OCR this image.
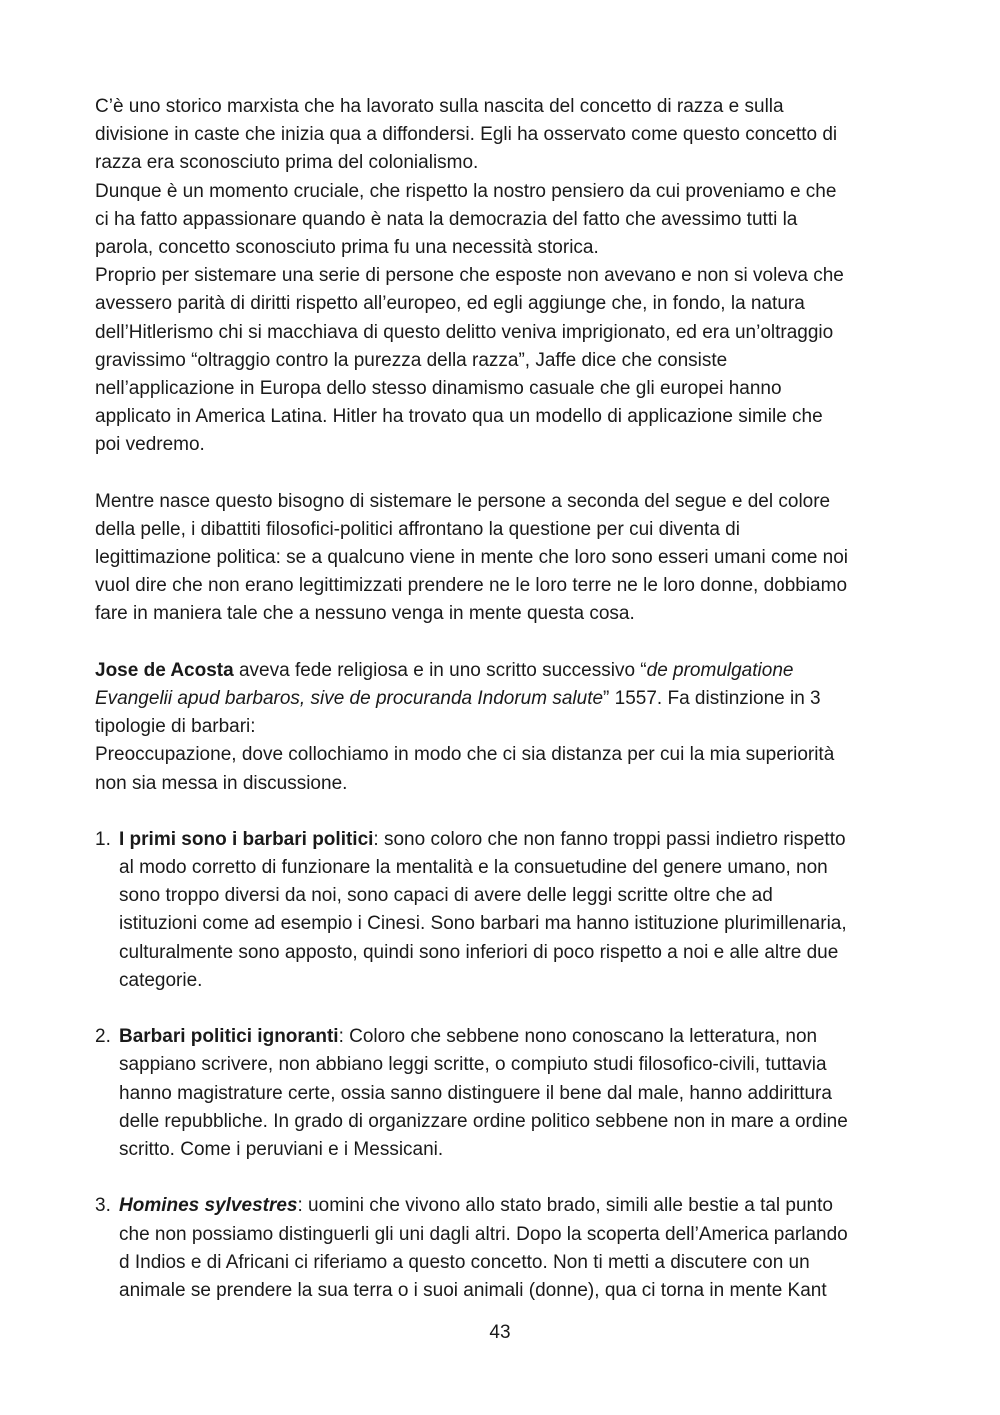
C’è uno storico marxista che ha lavorato sulla nascita del concetto di razza e sulla
divisione in caste che inizia qua a diffondersi. Egli ha osservato come questo concetto di
razza era sconosciuto prima del colonialismo.
Dunque è un momento cruciale, che rispetto la nostro pensiero da cui proveniamo e che
ci ha fatto appassionare quando è nata la democrazia del fatto che avessimo tutti la
parola, concetto sconosciuto prima fu una necessità storica.
Proprio per sistemare una serie di persone che esposte non avevano e non si voleva che
avessero parità di diritti rispetto all’europeo, ed egli aggiunge che, in fondo, la natura
dell’Hitlerismo chi si macchiava di questo delitto veniva imprigionato, ed era un’oltraggio
gravissimo “oltraggio contro la purezza della razza”, Jaffe dice che consiste
nell’applicazione in Europa dello stesso dinamismo casuale che gli europei hanno
applicato in America Latina. Hitler ha trovato qua un modello di applicazione simile che
poi vedremo.
Mentre nasce questo bisogno di sistemare le persone a seconda del segue e del colore
della pelle, i dibattiti filosofici-politici affrontano la questione per cui diventa di
legittimazione politica: se a qualcuno viene in mente che loro sono esseri umani come noi
vuol dire che non erano legittimizzati prendere ne le loro terre ne le loro donne, dobbiamo
fare in maniera tale che a nessuno venga in mente questa cosa.
Jose de Acosta aveva fede religiosa e in uno scritto successivo “de promulgatione
Evangelii apud barbaros, sive de procuranda Indorum salute” 1557. Fa distinzione in 3
tipologie di barbari:
Preoccupazione, dove collochiamo in modo che ci sia distanza per cui la mia superiorità
non sia messa in discussione.
1. I primi sono i barbari politici: sono coloro che non fanno troppi passi indietro rispetto
al modo corretto di funzionare la mentalità e la consuetudine del genere umano, non
sono troppo diversi da noi, sono capaci di avere delle leggi scritte oltre che ad
istituzioni come ad esempio i Cinesi. Sono barbari ma hanno istituzione plurimillenaria,
culturalmente sono apposto, quindi sono inferiori di poco rispetto a noi e alle altre due
categorie.
2. Barbari politici ignoranti: Coloro che sebbene nono conoscano la letteratura, non
sappiano scrivere, non abbiano leggi scritte, o compiuto studi filosofico-civili, tuttavia
hanno magistrature certe, ossia sanno distinguere il bene dal male, hanno addirittura
delle repubbliche. In grado di organizzare ordine politico sebbene non in mare a ordine
scritto. Come i peruviani e i Messicani.
3. Homines sylvestres: uomini che vivono allo stato brado, simili alle bestie a tal punto
che non possiamo distinguerli gli uni dagli altri. Dopo la scoperta dell’America parlando
d Indios e di Africani ci riferiamo a questo concetto. Non ti metti a discutere con un
animale se prendere la sua terra o i suoi animali (donne), qua ci torna in mente Kant
43
